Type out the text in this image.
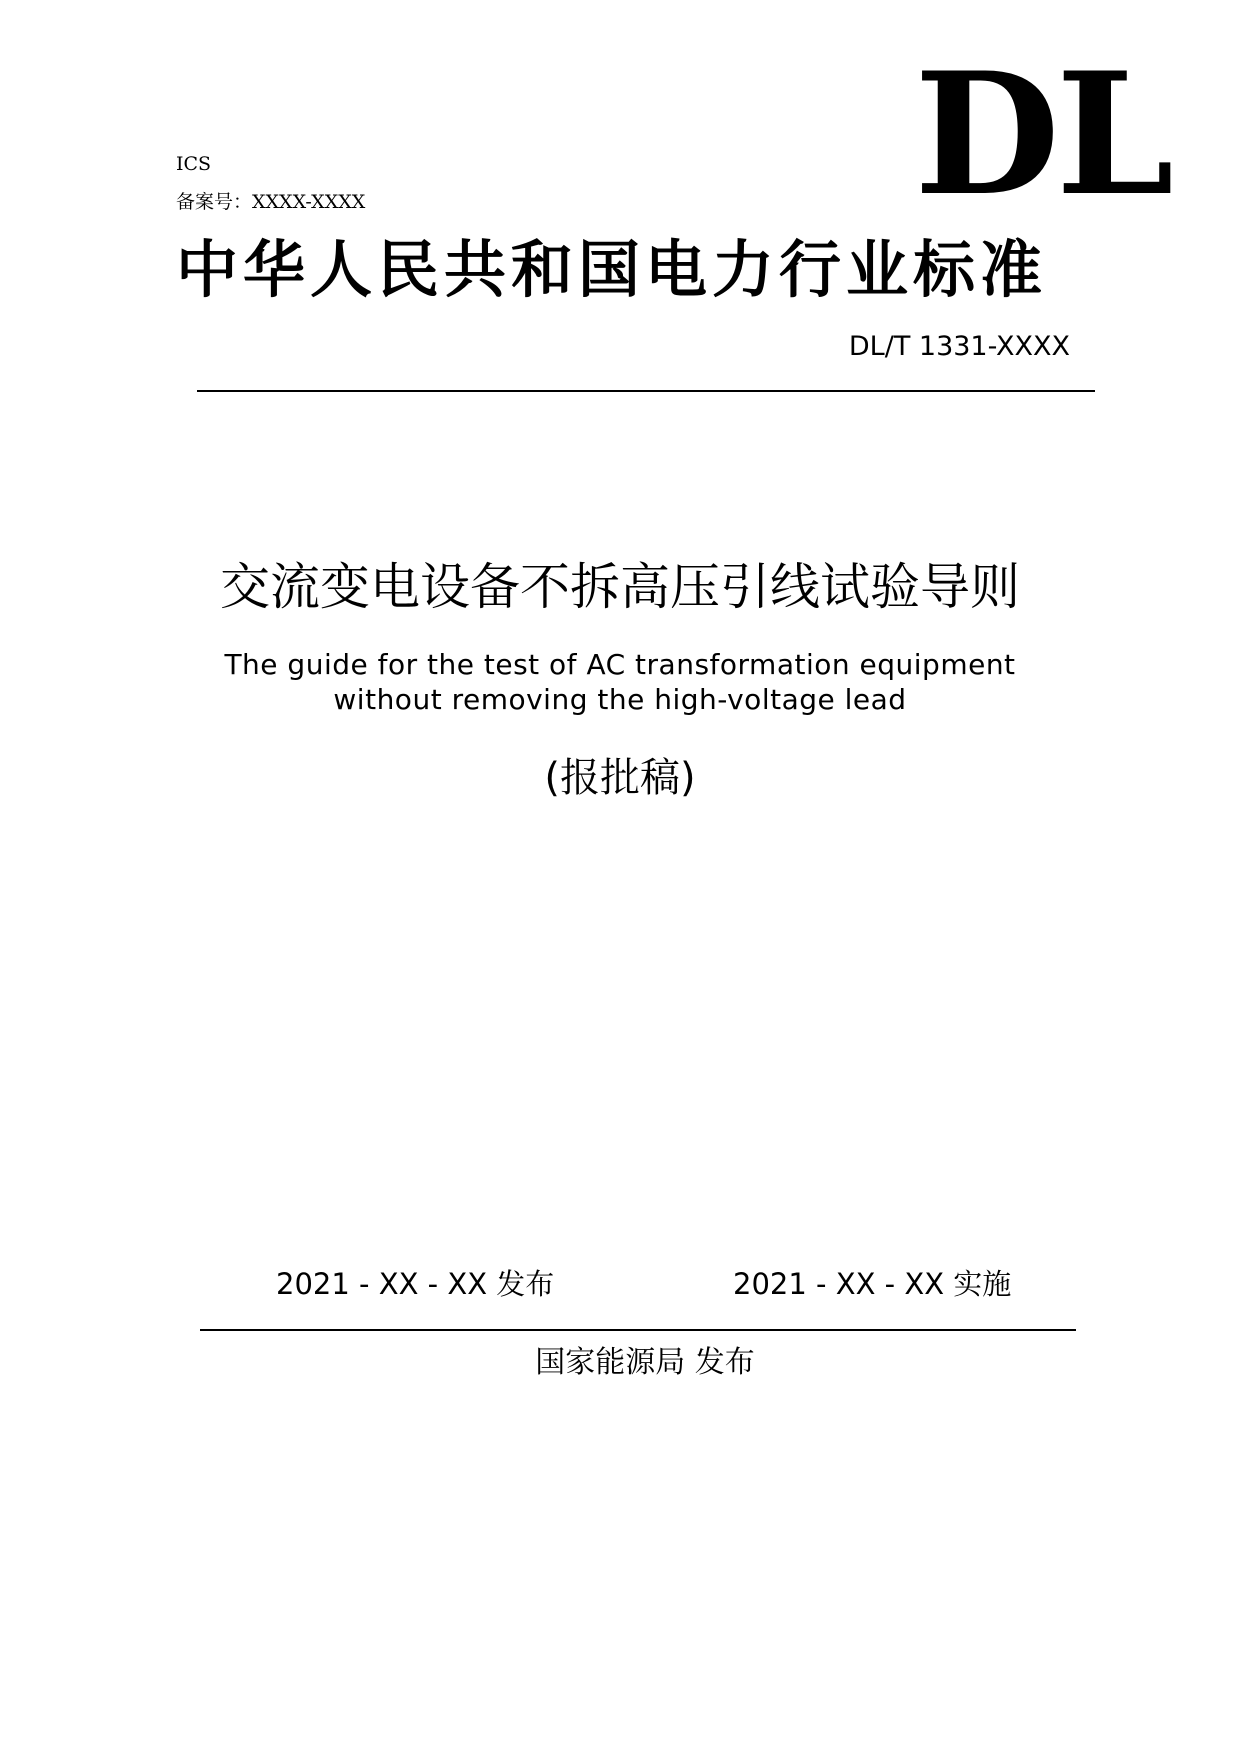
ICS
备案号：XXXX-XXXX	DL
中华人民共和国电力行业标准
DL/T 1331-XXXX
交流变电设备不拆高压引线试验导则
The guide for the test of AC transformation equipment
without removing the high-voltage lead
(报批稿)
2021 - XX - XX 发布	2021 - XX - XX 实施
国家能源局 发布
